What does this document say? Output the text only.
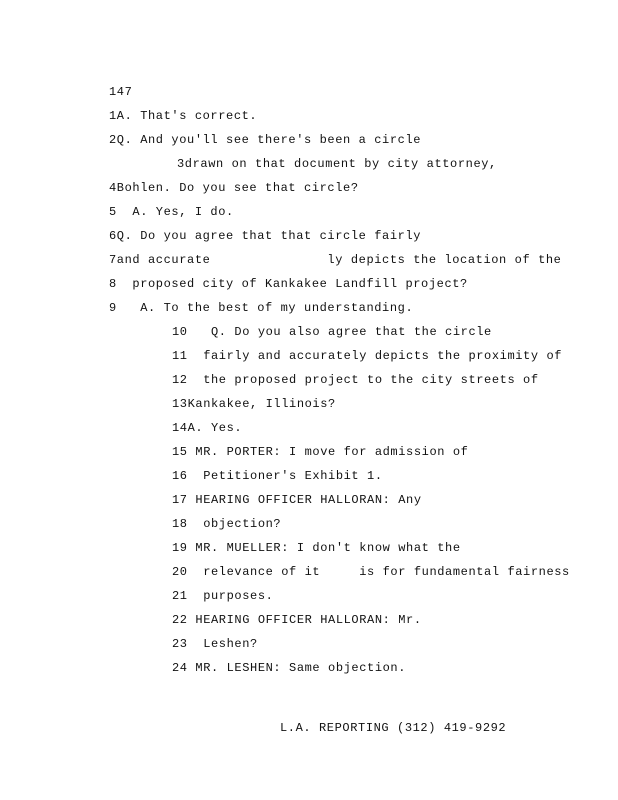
147
1A. That's correct.
2Q. And you'll see there's been a circle
3drawn on that document by city attorney,
4Bohlen. Do you see that circle?
5  A. Yes, I do.
6Q. Do you agree that that circle fairly
7and accurate               ly depicts the location of the
8  proposed city of Kankakee Landfill project?
9   A. To the best of my understanding.
10   Q. Do you also agree that the circle
11  fairly and accurately depicts the proximity of
12  the proposed project to the city streets of
13Kankakee, Illinois?
14A. Yes.
15 MR. PORTER: I move for admission of
16  Petitioner's Exhibit 1.
17 HEARING OFFICER HALLORAN: Any
18  objection?
19 MR. MUELLER: I don't know what the
20  relevance of it     is for fundamental fairness
21  purposes.
22 HEARING OFFICER HALLORAN: Mr.
23  Leshen?
24 MR. LESHEN: Same objection.
L.A. REPORTING (312) 419-9292
